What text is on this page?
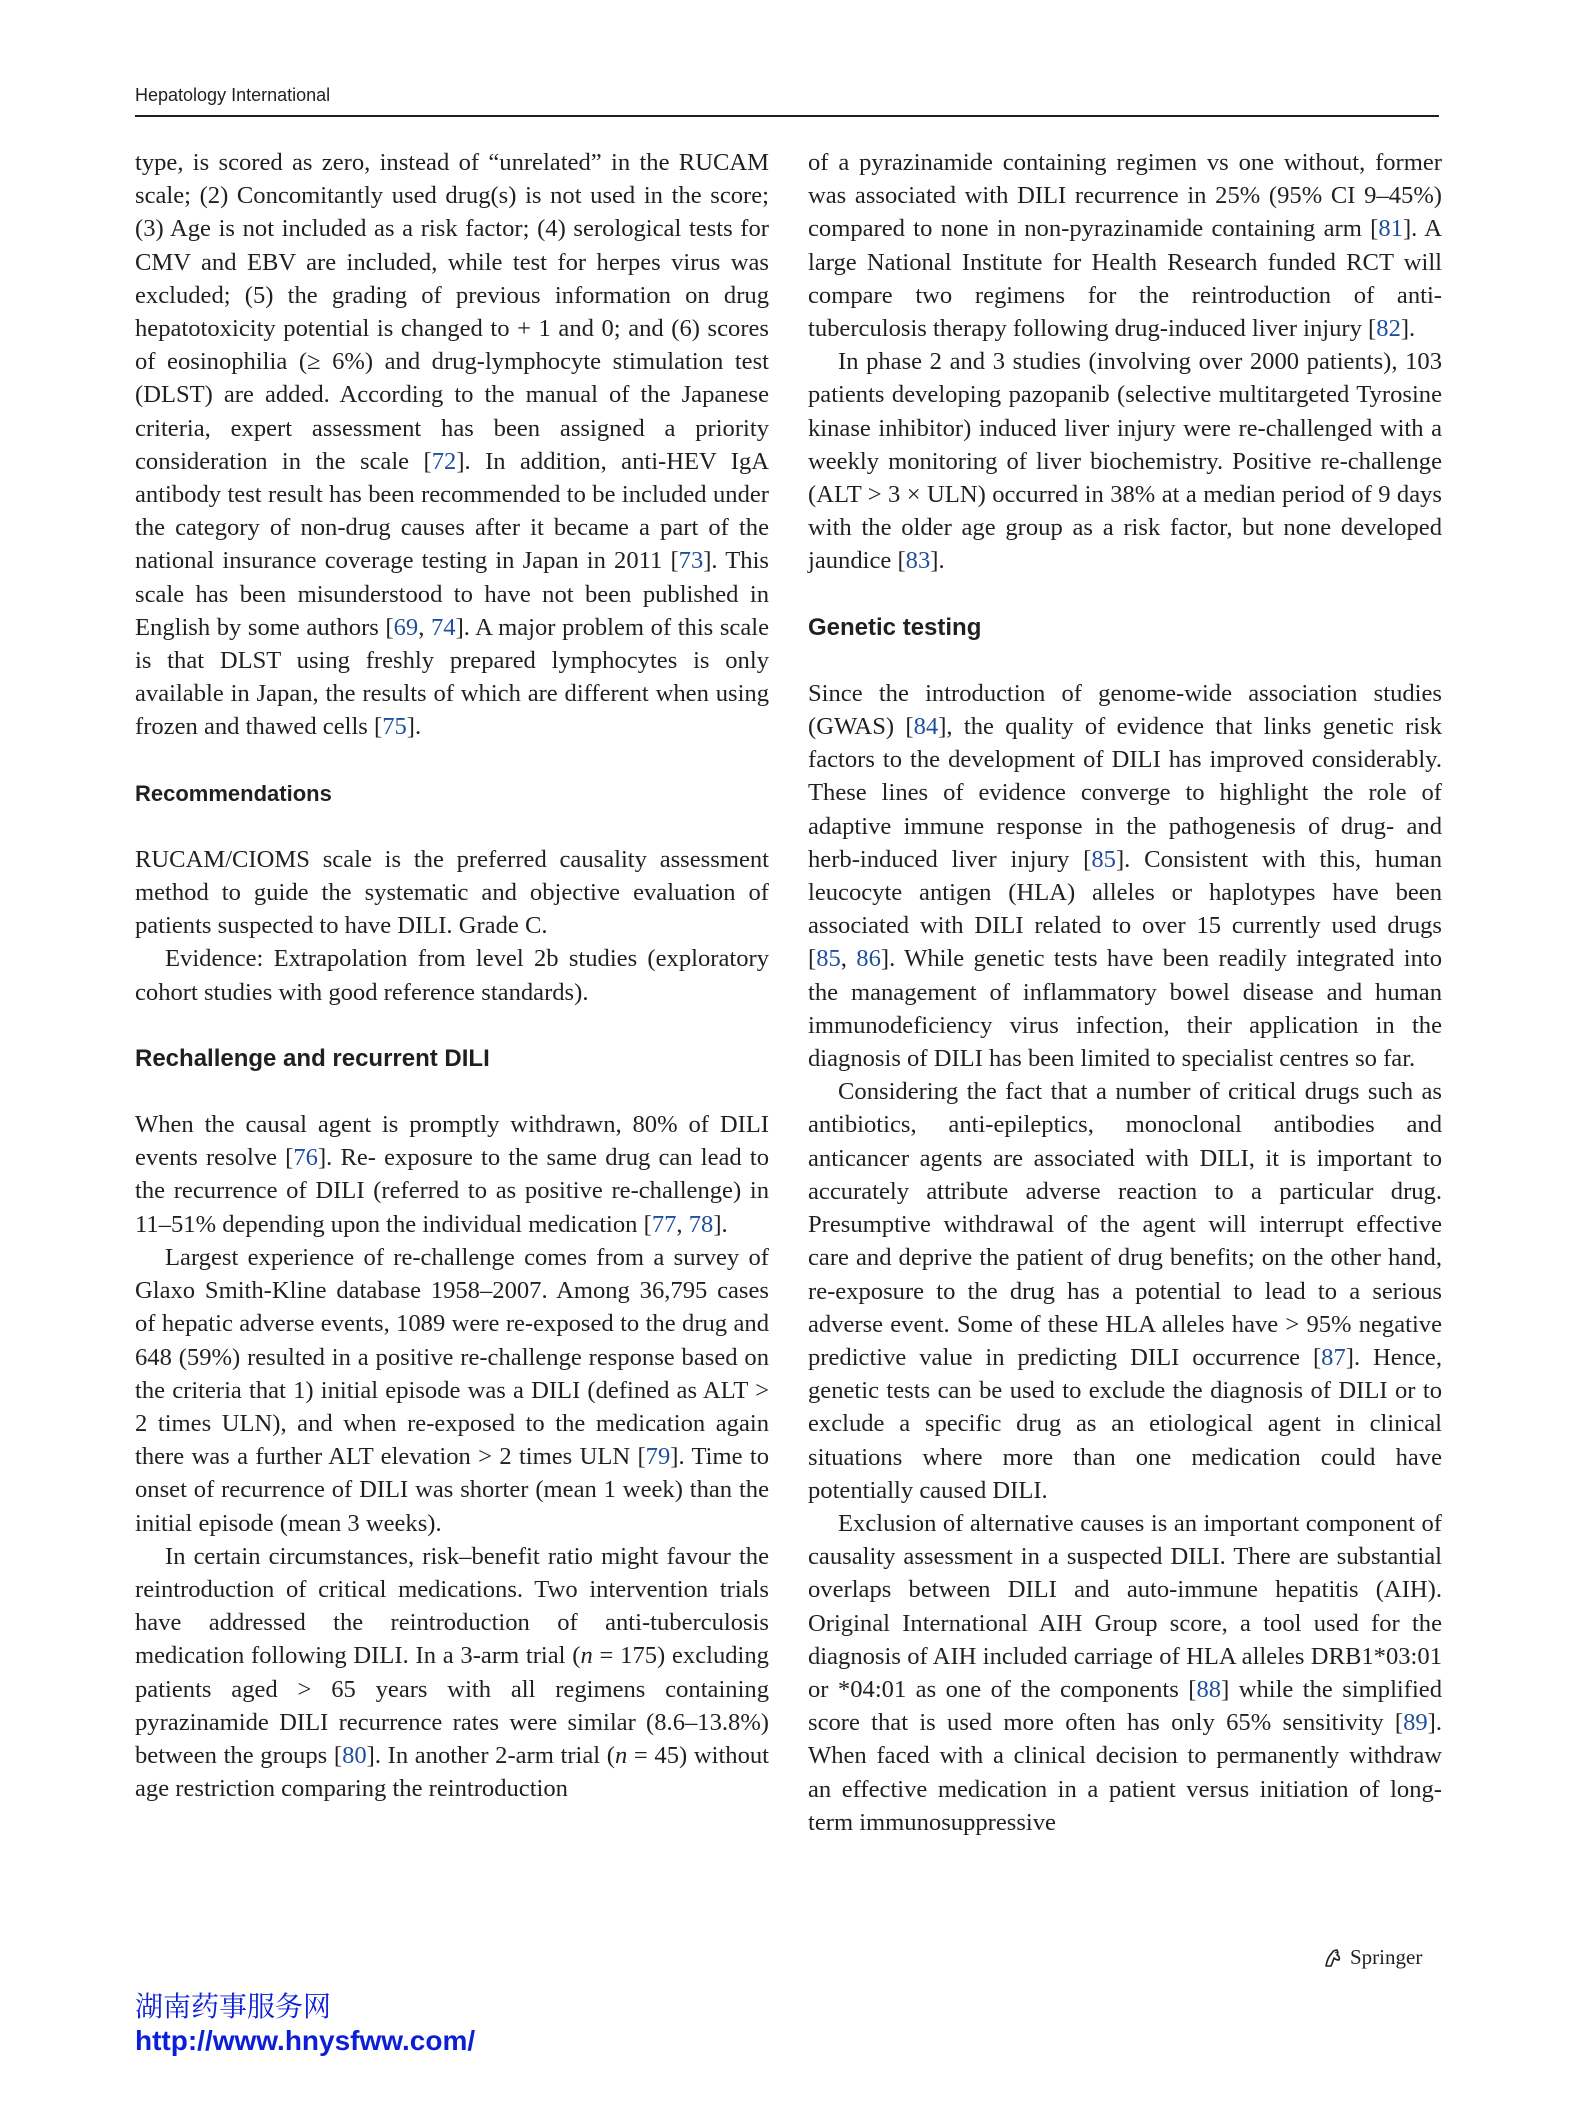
Hepatology International

type, is scored as zero, instead of “unrelated” in the RUCAM scale; (2) Concomitantly used drug(s) is not used in the score; (3) Age is not included as a risk factor; (4) serological tests for CMV and EBV are included, while test for herpes virus was excluded; (5) the grading of previous information on drug hepatotoxicity potential is changed to + 1 and 0; and (6) scores of eosinophilia (≥ 6%) and drug-lymphocyte stimulation test (DLST) are added. According to the manual of the Japanese criteria, expert assessment has been assigned a priority consideration in the scale [72]. In addition, anti-HEV IgA antibody test result has been recommended to be included under the category of non-drug causes after it became a part of the national insurance coverage testing in Japan in 2011 [73]. This scale has been misunderstood to have not been published in English by some authors [69, 74]. A major problem of this scale is that DLST using freshly prepared lymphocytes is only available in Japan, the results of which are different when using frozen and thawed cells [75].

Recommendations

RUCAM/CIOMS scale is the preferred causality assessment method to guide the systematic and objective evaluation of patients suspected to have DILI. Grade C.

Evidence: Extrapolation from level 2b studies (exploratory cohort studies with good reference standards).

Rechallenge and recurrent DILI

When the causal agent is promptly withdrawn, 80% of DILI events resolve [76]. Re- exposure to the same drug can lead to the recurrence of DILI (referred to as positive re-challenge) in 11–51% depending upon the individual medication [77, 78].

Largest experience of re-challenge comes from a survey of Glaxo Smith-Kline database 1958–2007. Among 36,795 cases of hepatic adverse events, 1089 were re-exposed to the drug and 648 (59%) resulted in a positive re-challenge response based on the criteria that 1) initial episode was a DILI (defined as ALT > 2 times ULN), and when re-exposed to the medication again there was a further ALT elevation > 2 times ULN [79]. Time to onset of recurrence of DILI was shorter (mean 1 week) than the initial episode (mean 3 weeks).

In certain circumstances, risk–benefit ratio might favour the reintroduction of critical medications. Two intervention trials have addressed the reintroduction of anti-tuberculosis medication following DILI. In a 3-arm trial (n = 175) excluding patients aged > 65 years with all regimens containing pyrazinamide DILI recurrence rates were similar (8.6–13.8%) between the groups [80]. In another 2-arm trial (n = 45) without age restriction comparing the reintroduction

of a pyrazinamide containing regimen vs one without, former was associated with DILI recurrence in 25% (95% CI 9–45%) compared to none in non-pyrazinamide containing arm [81]. A large National Institute for Health Research funded RCT will compare two regimens for the reintroduction of anti-tuberculosis therapy following drug-induced liver injury [82].

In phase 2 and 3 studies (involving over 2000 patients), 103 patients developing pazopanib (selective multitargeted Tyrosine kinase inhibitor) induced liver injury were re-challenged with a weekly monitoring of liver biochemistry. Positive re-challenge (ALT > 3 × ULN) occurred in 38% at a median period of 9 days with the older age group as a risk factor, but none developed jaundice [83].

Genetic testing

Since the introduction of genome-wide association studies (GWAS) [84], the quality of evidence that links genetic risk factors to the development of DILI has improved considerably. These lines of evidence converge to highlight the role of adaptive immune response in the pathogenesis of drug- and herb-induced liver injury [85]. Consistent with this, human leucocyte antigen (HLA) alleles or haplotypes have been associated with DILI related to over 15 currently used drugs [85, 86]. While genetic tests have been readily integrated into the management of inflammatory bowel disease and human immunodeficiency virus infection, their application in the diagnosis of DILI has been limited to specialist centres so far.

Considering the fact that a number of critical drugs such as antibiotics, anti-epileptics, monoclonal antibodies and anticancer agents are associated with DILI, it is important to accurately attribute adverse reaction to a particular drug. Presumptive withdrawal of the agent will interrupt effective care and deprive the patient of drug benefits; on the other hand, re-exposure to the drug has a potential to lead to a serious adverse event. Some of these HLA alleles have > 95% negative predictive value in predicting DILI occurrence [87]. Hence, genetic tests can be used to exclude the diagnosis of DILI or to exclude a specific drug as an etiological agent in clinical situations where more than one medication could have potentially caused DILI.

Exclusion of alternative causes is an important component of causality assessment in a suspected DILI. There are substantial overlaps between DILI and auto-immune hepatitis (AIH). Original International AIH Group score, a tool used for the diagnosis of AIH included carriage of HLA alleles DRB1*03:01 or *04:01 as one of the components [88] while the simplified score that is used more often has only 65% sensitivity [89]. When faced with a clinical decision to permanently withdraw an effective medication in a patient versus initiation of long-term immunosuppressive

Springer
湖南药事服务网
http://www.hnysfww.com/
